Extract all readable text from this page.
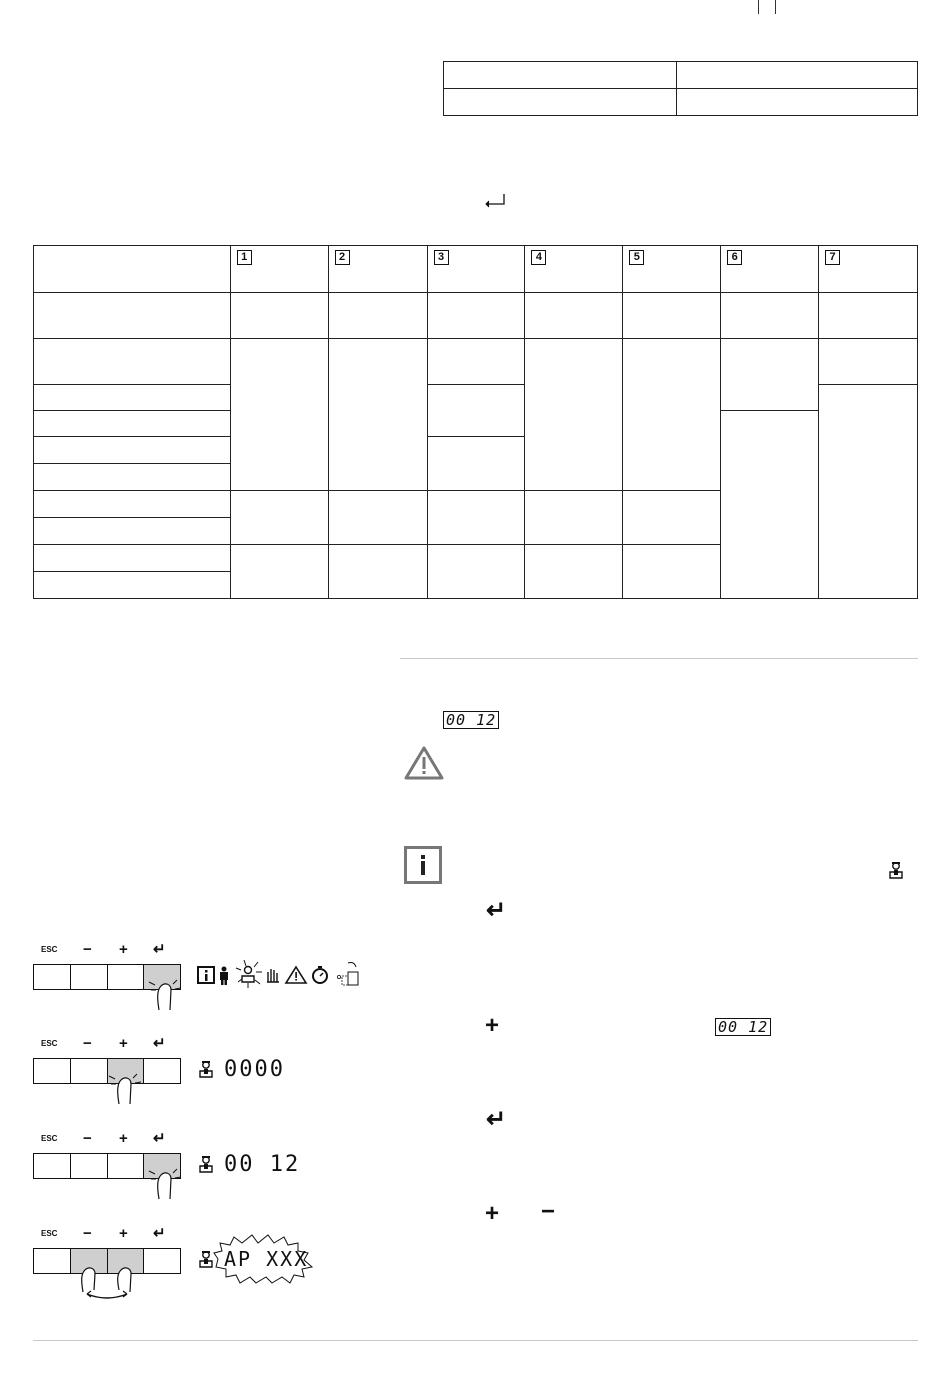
	1	2	3	4	5	6	7

00 12
↵
+	00 12
↵
+ −
ESC − + ↵
ESC − + ↵
0000
ESC − + ↵
00 12
ESC − + ↵
AP XXX
